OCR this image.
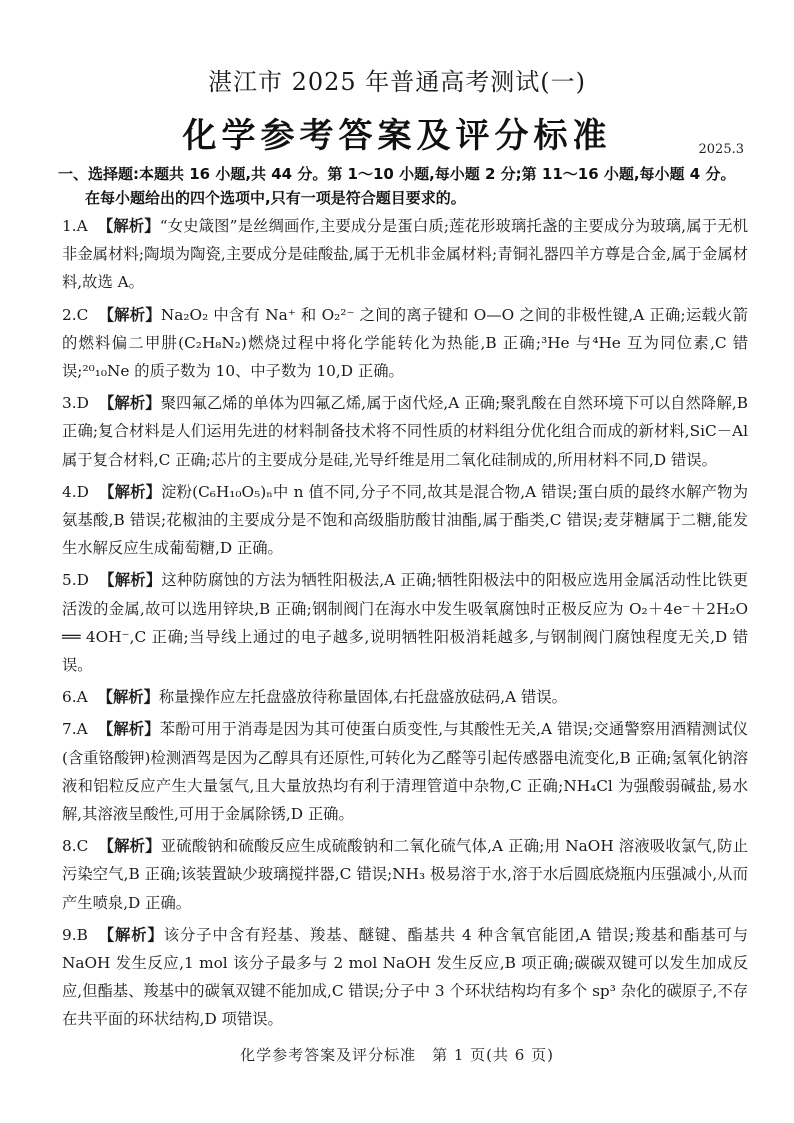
湛江市 2025 年普通高考测试(一)
化学参考答案及评分标准	2025.3
一、选择题:本题共 16 小题,共 44 分。第 1～10 小题,每小题 2 分;第 11～16 小题,每小题 4 分。
在每小题给出的四个选项中,只有一项是符合题目要求的。
1.A 【解析】“女史箴图”是丝绸画作,主要成分是蛋白质;莲花形玻璃托盏的主要成分为玻璃,属于无机非金属材料;陶埙为陶瓷,主要成分是硅酸盐,属于无机非金属材料;青铜礼器四羊方尊是合金,属于金属材料,故选 A。
2.C 【解析】Na₂O₂ 中含有 Na⁺ 和 O₂²⁻ 之间的离子键和 O—O 之间的非极性键,A 正确;运载火箭的燃料偏二甲肼(C₂H₈N₂)燃烧过程中将化学能转化为热能,B 正确;³He 与⁴He 互为同位素,C 错误;²⁰₁₀Ne 的质子数为 10、中子数为 10,D 正确。
3.D 【解析】聚四氟乙烯的单体为四氟乙烯,属于卤代烃,A 正确;聚乳酸在自然环境下可以自然降解,B 正确;复合材料是人们运用先进的材料制备技术将不同性质的材料组分优化组合而成的新材料,SiC－Al 属于复合材料,C 正确;芯片的主要成分是硅,光导纤维是用二氧化硅制成的,所用材料不同,D 错误。
4.D 【解析】淀粉(C₆H₁₀O₅)ₙ中 n 值不同,分子不同,故其是混合物,A 错误;蛋白质的最终水解产物为氨基酸,B 错误;花椒油的主要成分是不饱和高级脂肪酸甘油酯,属于酯类,C 错误;麦芽糖属于二糖,能发生水解反应生成葡萄糖,D 正确。
5.D 【解析】这种防腐蚀的方法为牺牲阳极法,A 正确;牺牲阳极法中的阳极应选用金属活动性比铁更活泼的金属,故可以选用锌块,B 正确;钢制阀门在海水中发生吸氧腐蚀时正极反应为 O₂＋4e⁻＋2H₂O ══ 4OH⁻,C 正确;当导线上通过的电子越多,说明牺牲阳极消耗越多,与钢制阀门腐蚀程度无关,D 错误。
6.A 【解析】称量操作应左托盘盛放待称量固体,右托盘盛放砝码,A 错误。
7.A 【解析】苯酚可用于消毒是因为其可使蛋白质变性,与其酸性无关,A 错误;交通警察用酒精测试仪(含重铬酸钾)检测酒驾是因为乙醇具有还原性,可转化为乙醛等引起传感器电流变化,B 正确;氢氧化钠溶液和铝粒反应产生大量氢气,且大量放热均有利于清理管道中杂物,C 正确;NH₄Cl 为强酸弱碱盐,易水解,其溶液呈酸性,可用于金属除锈,D 正确。
8.C 【解析】亚硫酸钠和硫酸反应生成硫酸钠和二氧化硫气体,A 正确;用 NaOH 溶液吸收氯气,防止污染空气,B 正确;该装置缺少玻璃搅拌器,C 错误;NH₃ 极易溶于水,溶于水后圆底烧瓶内压强减小,从而产生喷泉,D 正确。
9.B 【解析】该分子中含有羟基、羧基、醚键、酯基共 4 种含氧官能团,A 错误;羧基和酯基可与 NaOH 发生反应,1 mol 该分子最多与 2 mol NaOH 发生反应,B 项正确;碳碳双键可以发生加成反应,但酯基、羧基中的碳氧双键不能加成,C 错误;分子中 3 个环状结构均有多个 sp³ 杂化的碳原子,不存在共平面的环状结构,D 项错误。
化学参考答案及评分标准　第 1 页(共 6 页)
